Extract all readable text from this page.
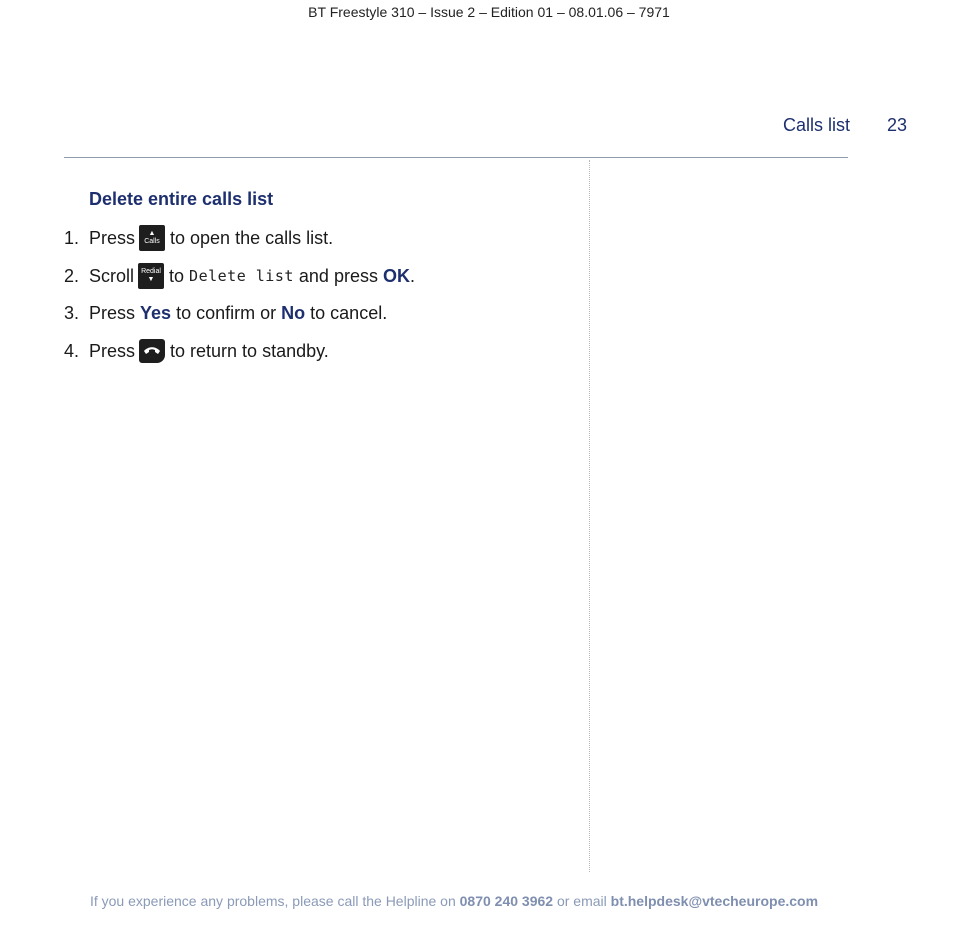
BT Freestyle 310 – Issue 2 – Edition 01 – 08.01.06 – 7971
Calls list 23
Delete entire calls list
1. Press ▲
Calls to open the calls list.
2. Scroll Redial
▼ to
Delete list
and press
OK .
3. Press
Yes
to confirm or
No
to cancel.
4. Press to return to standby.
If you experience any problems, please call the Helpline on 0870 240 3962 or email bt.helpdesk@vtecheurope.com
